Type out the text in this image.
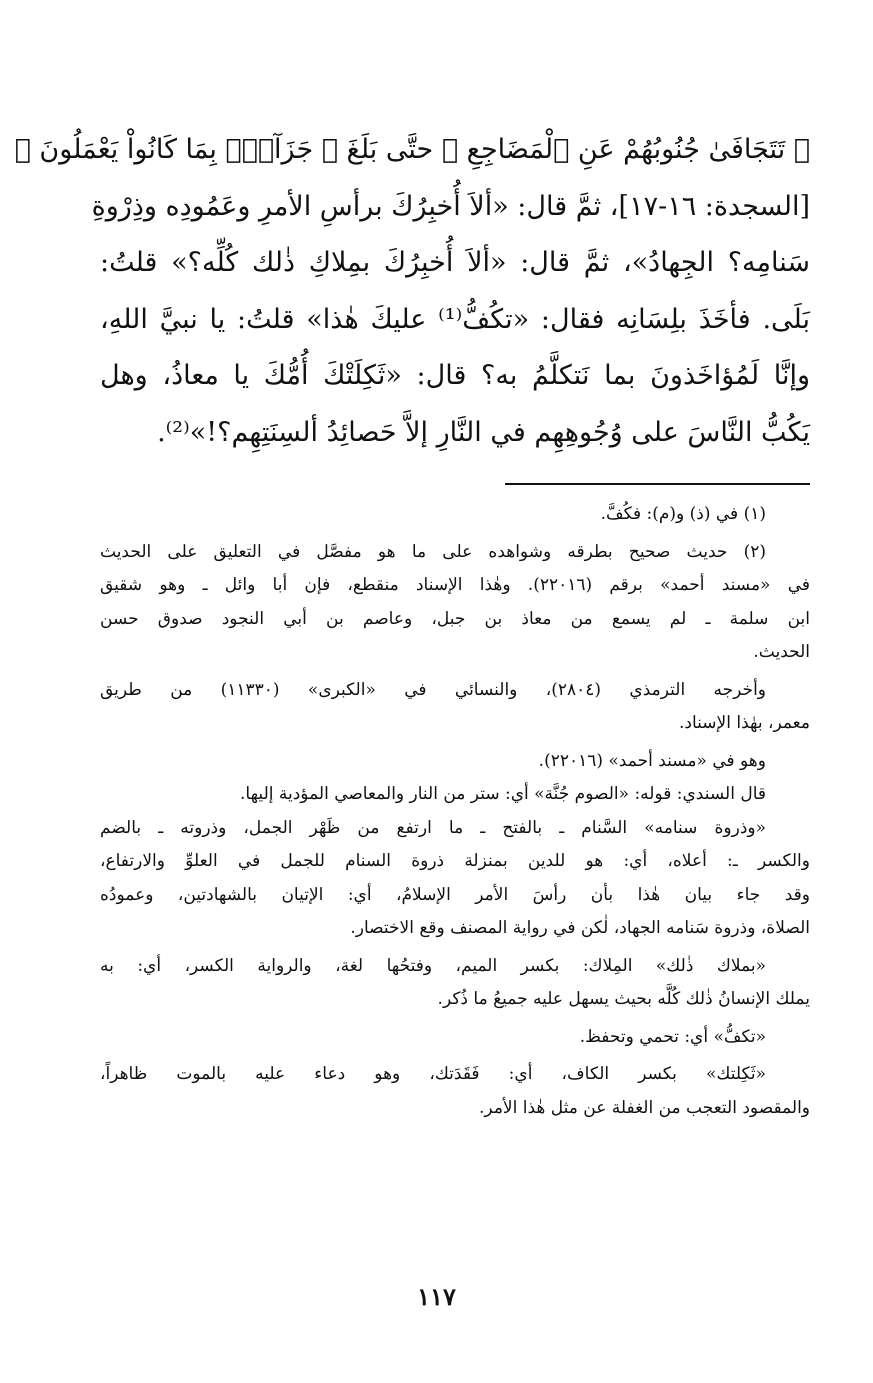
﴿ تَتَجَافَىٰ جُنُوبُهُمْ عَنِ ٱلْمَضَاجِعِ ﴾ حتَّى بَلَغَ ﴿ جَزَآءًۢ بِمَا كَانُواْ يَعْمَلُونَ ﴾
[السجدة: ١٦-١٧]، ثمَّ قال: «ألاَ أُخبِرُكَ برأسِ الأمرِ وعَمُودِه وذِرْوةِ
سَنامِه؟ الجِهادُ»، ثمَّ قال: «ألاَ أُخبِرُكَ بمِلاكِ ذٰلك كُلِّه؟» قلتُ:
بَلَى. فأخَذَ بلِسَانِه فقال: «تكُفُّ⁽¹⁾ عليكَ هٰذا» قلتُ: يا نبيَّ اللهِ،
وإنَّا لَمُؤاخَذونَ بما نَتكلَّمُ به؟ قال: «ثَكِلَتْكَ أُمُّكَ يا معاذُ، وهل
يَكُبُّ النَّاسَ على وُجُوهِهِم في النَّارِ إلاَّ حَصائِدُ ألسِنَتِهِم؟!»⁽²⁾.
(١) في (ذ) و(م): فكُفَّ.
(٢) حديث صحيح بطرقه وشواهده على ما هو مفصَّل في التعليق على الحديث
في «مسند أحمد» برقم (٢٢٠١٦). وهٰذا الإسناد منقطع، فإن أبا وائل ـ وهو شقيق
ابن سلمة ـ لم يسمع من معاذ بن جبل، وعاصم بن أبي النجود صدوق حسن
الحديث.
وأخرجه الترمذي (٢٨٠٤)، والنسائي في «الكبرى» (١١٣٣٠) من طريق
معمر، بهٰذا الإسناد.
وهو في «مسند أحمد» (٢٢٠١٦).
قال السندي: قوله: «الصوم جُنَّة» أي: ستر من النار والمعاصي المؤدية إليها.
«وذروة سنامه» السَّنام ـ بالفتح ـ ما ارتفع من ظَهْر الجمل، وذروته ـ بالضم
والكسر ـ: أعلاه، أي: هو للدين بمنزلة ذروة السنام للجمل في العلوِّ والارتفاع،
وقد جاء بيان هٰذا بأن رأسَ الأمر الإسلامُ، أي: الإتيان بالشهادتين، وعمودُه
الصلاة، وذروة سَنامه الجهاد، لٰكن في رواية المصنف وقع الاختصار.
«بملاك ذٰلك» المِلاك: بكسر الميم، وفتحُها لغة، والرواية الكسر، أي: به
يملك الإنسانُ ذٰلك كُلَّه بحيث يسهل عليه جميعُ ما ذُكر.
«تكفُّ» أي: تحمي وتحفظ.
«ثَكِلتك» بكسر الكاف، أي: فَقَدَتك، وهو دعاء عليه بالموت ظاهراً،
والمقصود التعجب من الغفلة عن مثل هٰذا الأمر.
١١٧
